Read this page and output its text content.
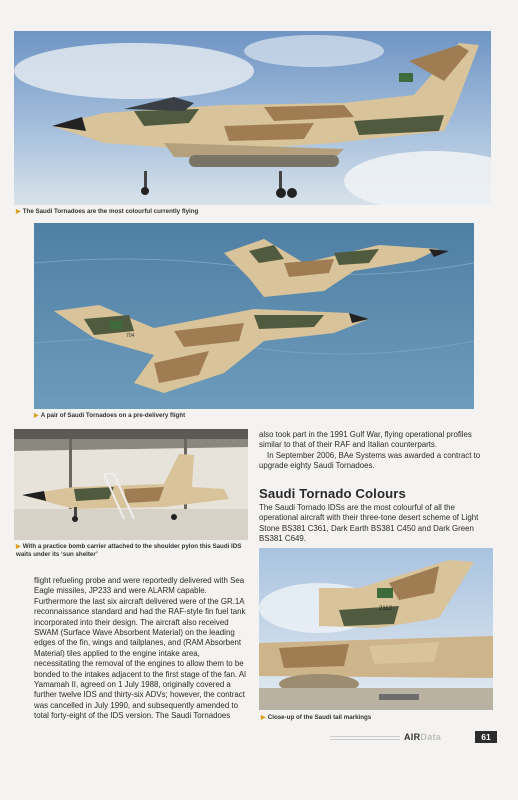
▶ The Saudi Tornadoes are the most colourful currently flying
704
▶ A pair of Saudi Tornadoes on a pre-delivery flight
▶ With a practice bomb carrier attached to the shoulder pylon this Saudi IDS waits under its ‘sun shelter’

also took part in the 1991 Gulf War, flying operational profiles similar to that of their RAF and Italian counterparts.

In September 2006, BAe Systems was awarded a contract to upgrade eighty Saudi Tornadoes.

Saudi Tornado Colours

The Saudi Tornado IDSs are the most colourful of all the operational aircraft with their three-tone desert scheme of Light Stone BS381 C361, Dark Earth BS381 C450 and Dark Green BS381 C649.

flight refueling probe and were reportedly delivered with Sea Eagle missiles, JP233 and were ALARM capable. Furthermore the last six aircraft delivered were of the GR.1A reconnaissance standard and had the RAF-style fin fuel tank incorporated into their design. The aircraft also received SWAM (Surface Wave Absorbent Material) on the leading edges of the fin, wings and tailplanes, and (RAM Absorbent Material) tiles applied to the engine intake area, necessitating the removal of the engines to allow them to be bonded to the intakes adjacent to the first stage of the fan. Al Yamamah II, agreed on 1 July 1988, originally covered a further twelve IDS and thirty-six ADVs; however, the contract was cancelled in July 1990, and subsequently amended to total forty-eight of the IDS version. The Saudi Tornadoes

2112
▶ Close-up of the Saudi tail markings
AIRData	61
